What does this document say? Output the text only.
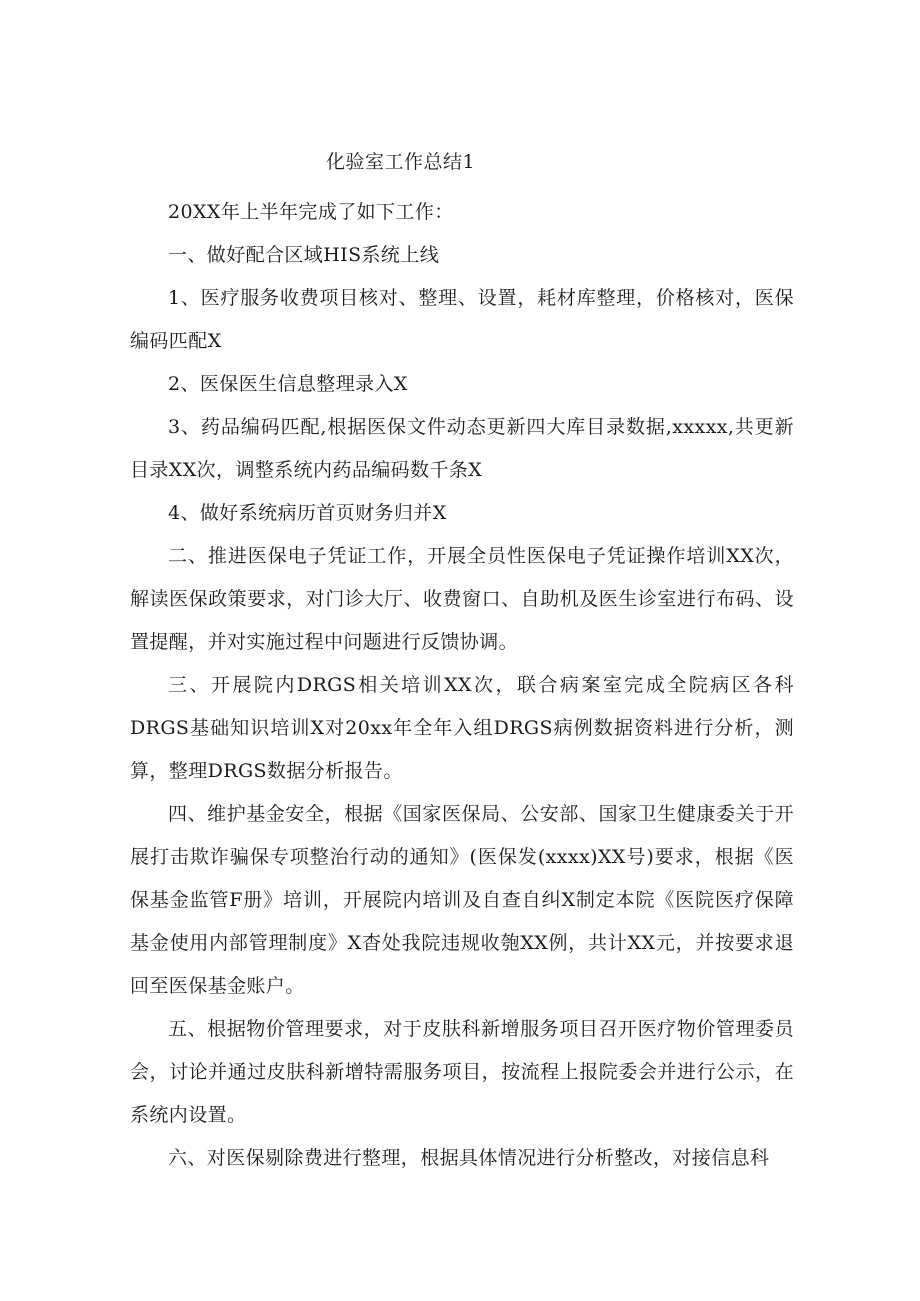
化验室工作总结1

20XX年上半年完成了如下工作：

一、做好配合区域HIS系统上线

1、医疗服务收费项目核对、整理、设置，耗材库整理，价格核对，医保编码匹配X

2、医保医生信息整理录入X

3、药品编码匹配,根据医保文件动态更新四大库目录数据,xxxxx,共更新目录XX次，调整系统内药品编码数千条X

4、做好系统病历首页财务归并X

二、推进医保电子凭证工作，开展全员性医保电子凭证操作培训XX次，解读医保政策要求，对门诊大厅、收费窗口、自助机及医生诊室进行布码、设置提醒，并对实施过程中问题进行反馈协调。

三、开展院内DRGS相关培训XX次，联合病案室完成全院病区各科DRGS基础知识培训X对20xx年全年入组DRGS病例数据资料进行分析，测算，整理DRGS数据分析报告。

四、维护基金安全，根据《国家医保局、公安部、国家卫生健康委关于开展打击欺诈骗保专项整治行动的通知》(医保发(xxxx)XX号)要求，根据《医保基金监管F册》培训，开展院内培训及自查自纠X制定本院《医院医疗保障基金使用内部管理制度》X杳处我院违规收匏XX例，共计XX元，并按要求退回至医保基金账户。

五、根据物价管理要求，对于皮肤科新增服务项目召开医疗物价管理委员会，讨论并通过皮肤科新增特需服务项目，按流程上报院委会并进行公示，在系统内设置。

六、对医保剔除费进行整理，根据具体情况进行分析整改，对接信息科
